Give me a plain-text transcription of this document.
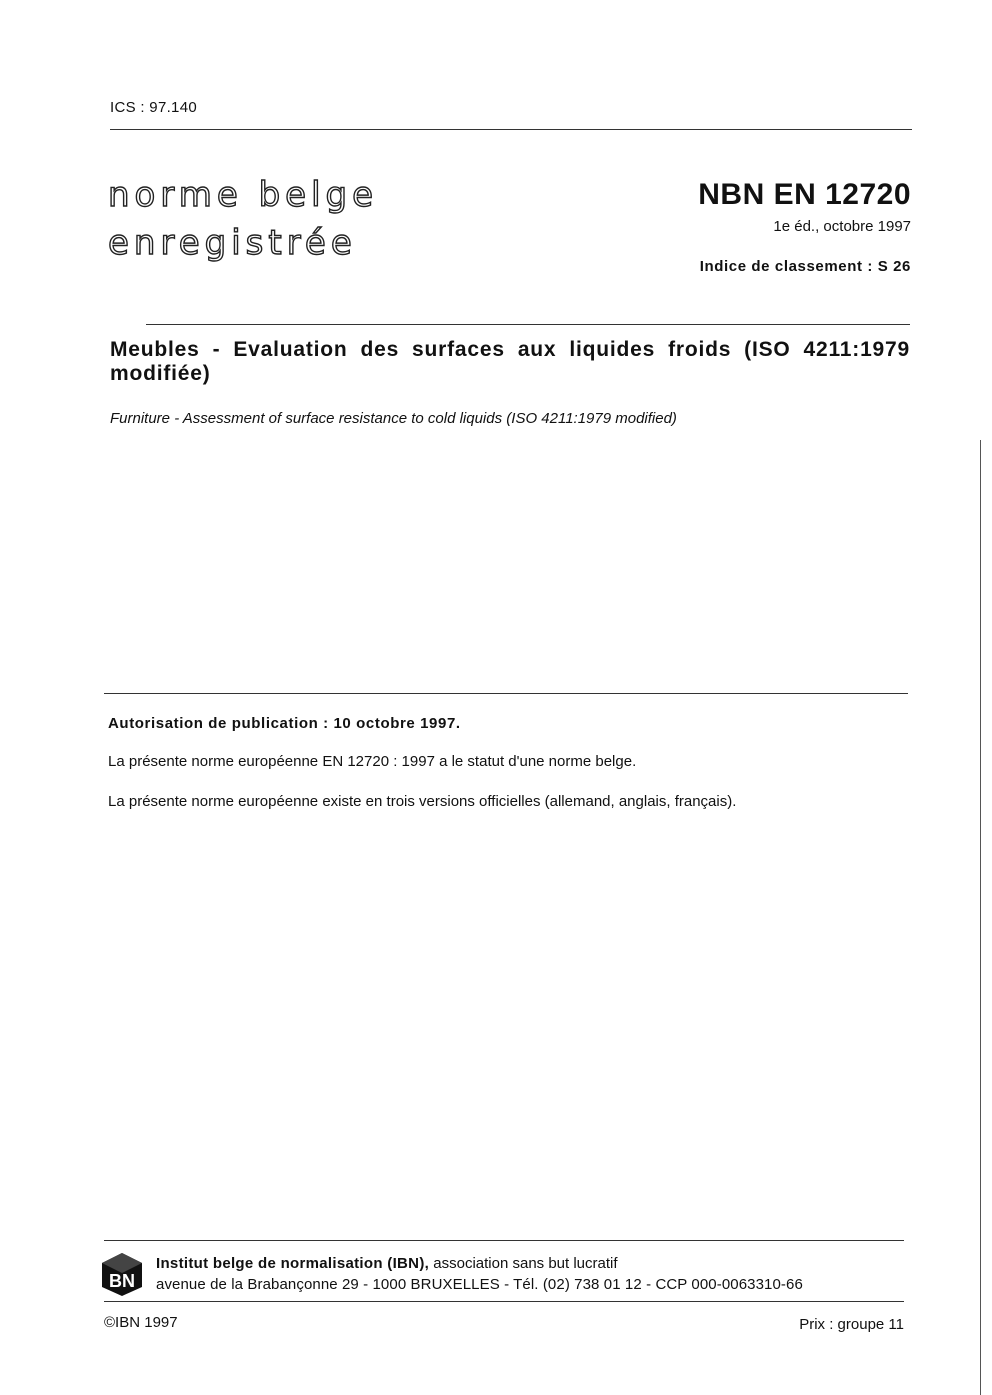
ICS : 97.140
norme belge
enregistrée
NBN EN 12720
1e éd., octobre 1997
Indice de classement : S 26
Meubles - Evaluation des surfaces aux liquides froids (ISO 4211:1979 modifiée)
Furniture - Assessment of surface resistance to cold liquids (ISO 4211:1979 modified)
Autorisation de publication : 10 octobre 1997.
La présente norme européenne EN 12720 : 1997 a le statut d'une norme belge.
La présente norme européenne existe en trois versions officielles (allemand, anglais, français).
BN
Institut belge de normalisation (IBN), association sans but lucratif
avenue de la Brabançonne 29 - 1000 BRUXELLES - Tél. (02) 738 01 12 - CCP 000-0063310-66
©IBN 1997	Prix : groupe 11
